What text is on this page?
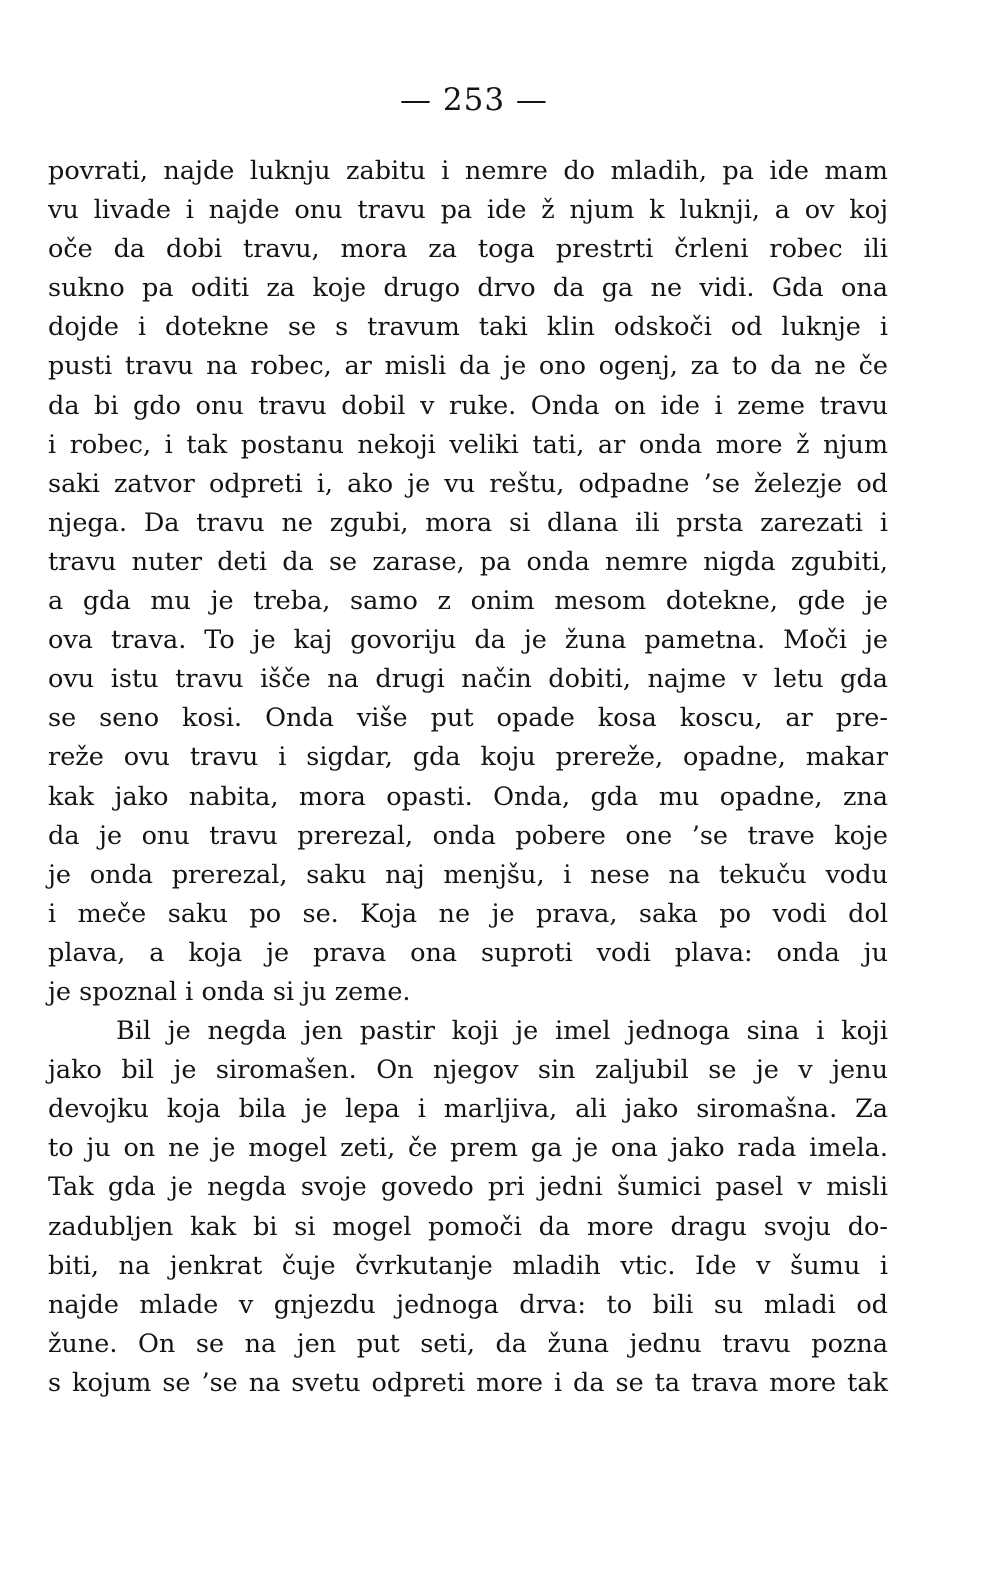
— 253 —
povrati, najde luknju zabitu i nemre do mladih, pa ide mam
vu livade i najde onu travu pa ide ž njum k luknji, a ov koj
oče da dobi travu, mora za toga prestrti črleni robec ili
sukno pa oditi za koje drugo drvo da ga ne vidi. Gda ona
dojde i dotekne se s travum taki klin odskoči od luknje i
pusti travu na robec, ar misli da je ono ogenj, za to da ne če
da bi gdo onu travu dobil v ruke. Onda on ide i zeme travu
i robec, i tak postanu nekoji veliki tati, ar onda more ž njum
saki zatvor odpreti i, ako je vu reštu, odpadne ’se železje od
njega. Da travu ne zgubi, mora si dlana ili prsta zarezati i
travu nuter deti da se zarase, pa onda nemre nigda zgubiti,
a gda mu je treba, samo z onim mesom dotekne, gde je
ova trava. To je kaj govoriju da je žuna pametna. Moči je
ovu istu travu išče na drugi način dobiti, najme v letu gda
se seno kosi. Onda više put opade kosa koscu, ar pre-
reže ovu travu i sigdar, gda koju prereže, opadne, makar
kak jako nabita, mora opasti. Onda, gda mu opadne, zna
da je onu travu prerezal, onda pobere one ’se trave koje
je onda prerezal, saku naj menjšu, i nese na tekuču vodu
i meče saku po se. Koja ne je prava, saka po vodi dol
plava, a koja je prava ona suproti vodi plava: onda ju
je spoznal i onda si ju zeme.
Bil je negda jen pastir koji je imel jednoga sina i koji
jako bil je siromašen. On njegov sin zaljubil se je v jenu
devojku koja bila je lepa i marljiva, ali jako siromašna. Za
to ju on ne je mogel zeti, če prem ga je ona jako rada imela.
Tak gda je negda svoje govedo pri jedni šumici pasel v misli
zadubljen kak bi si mogel pomoči da more dragu svoju do-
biti, na jenkrat čuje čvrkutanje mladih vtic. Ide v šumu i
najde mlade v gnjezdu jednoga drva: to bili su mladi od
žune. On se na jen put seti, da žuna jednu travu pozna
s kojum se ’se na svetu odpreti more i da se ta trava more tak
